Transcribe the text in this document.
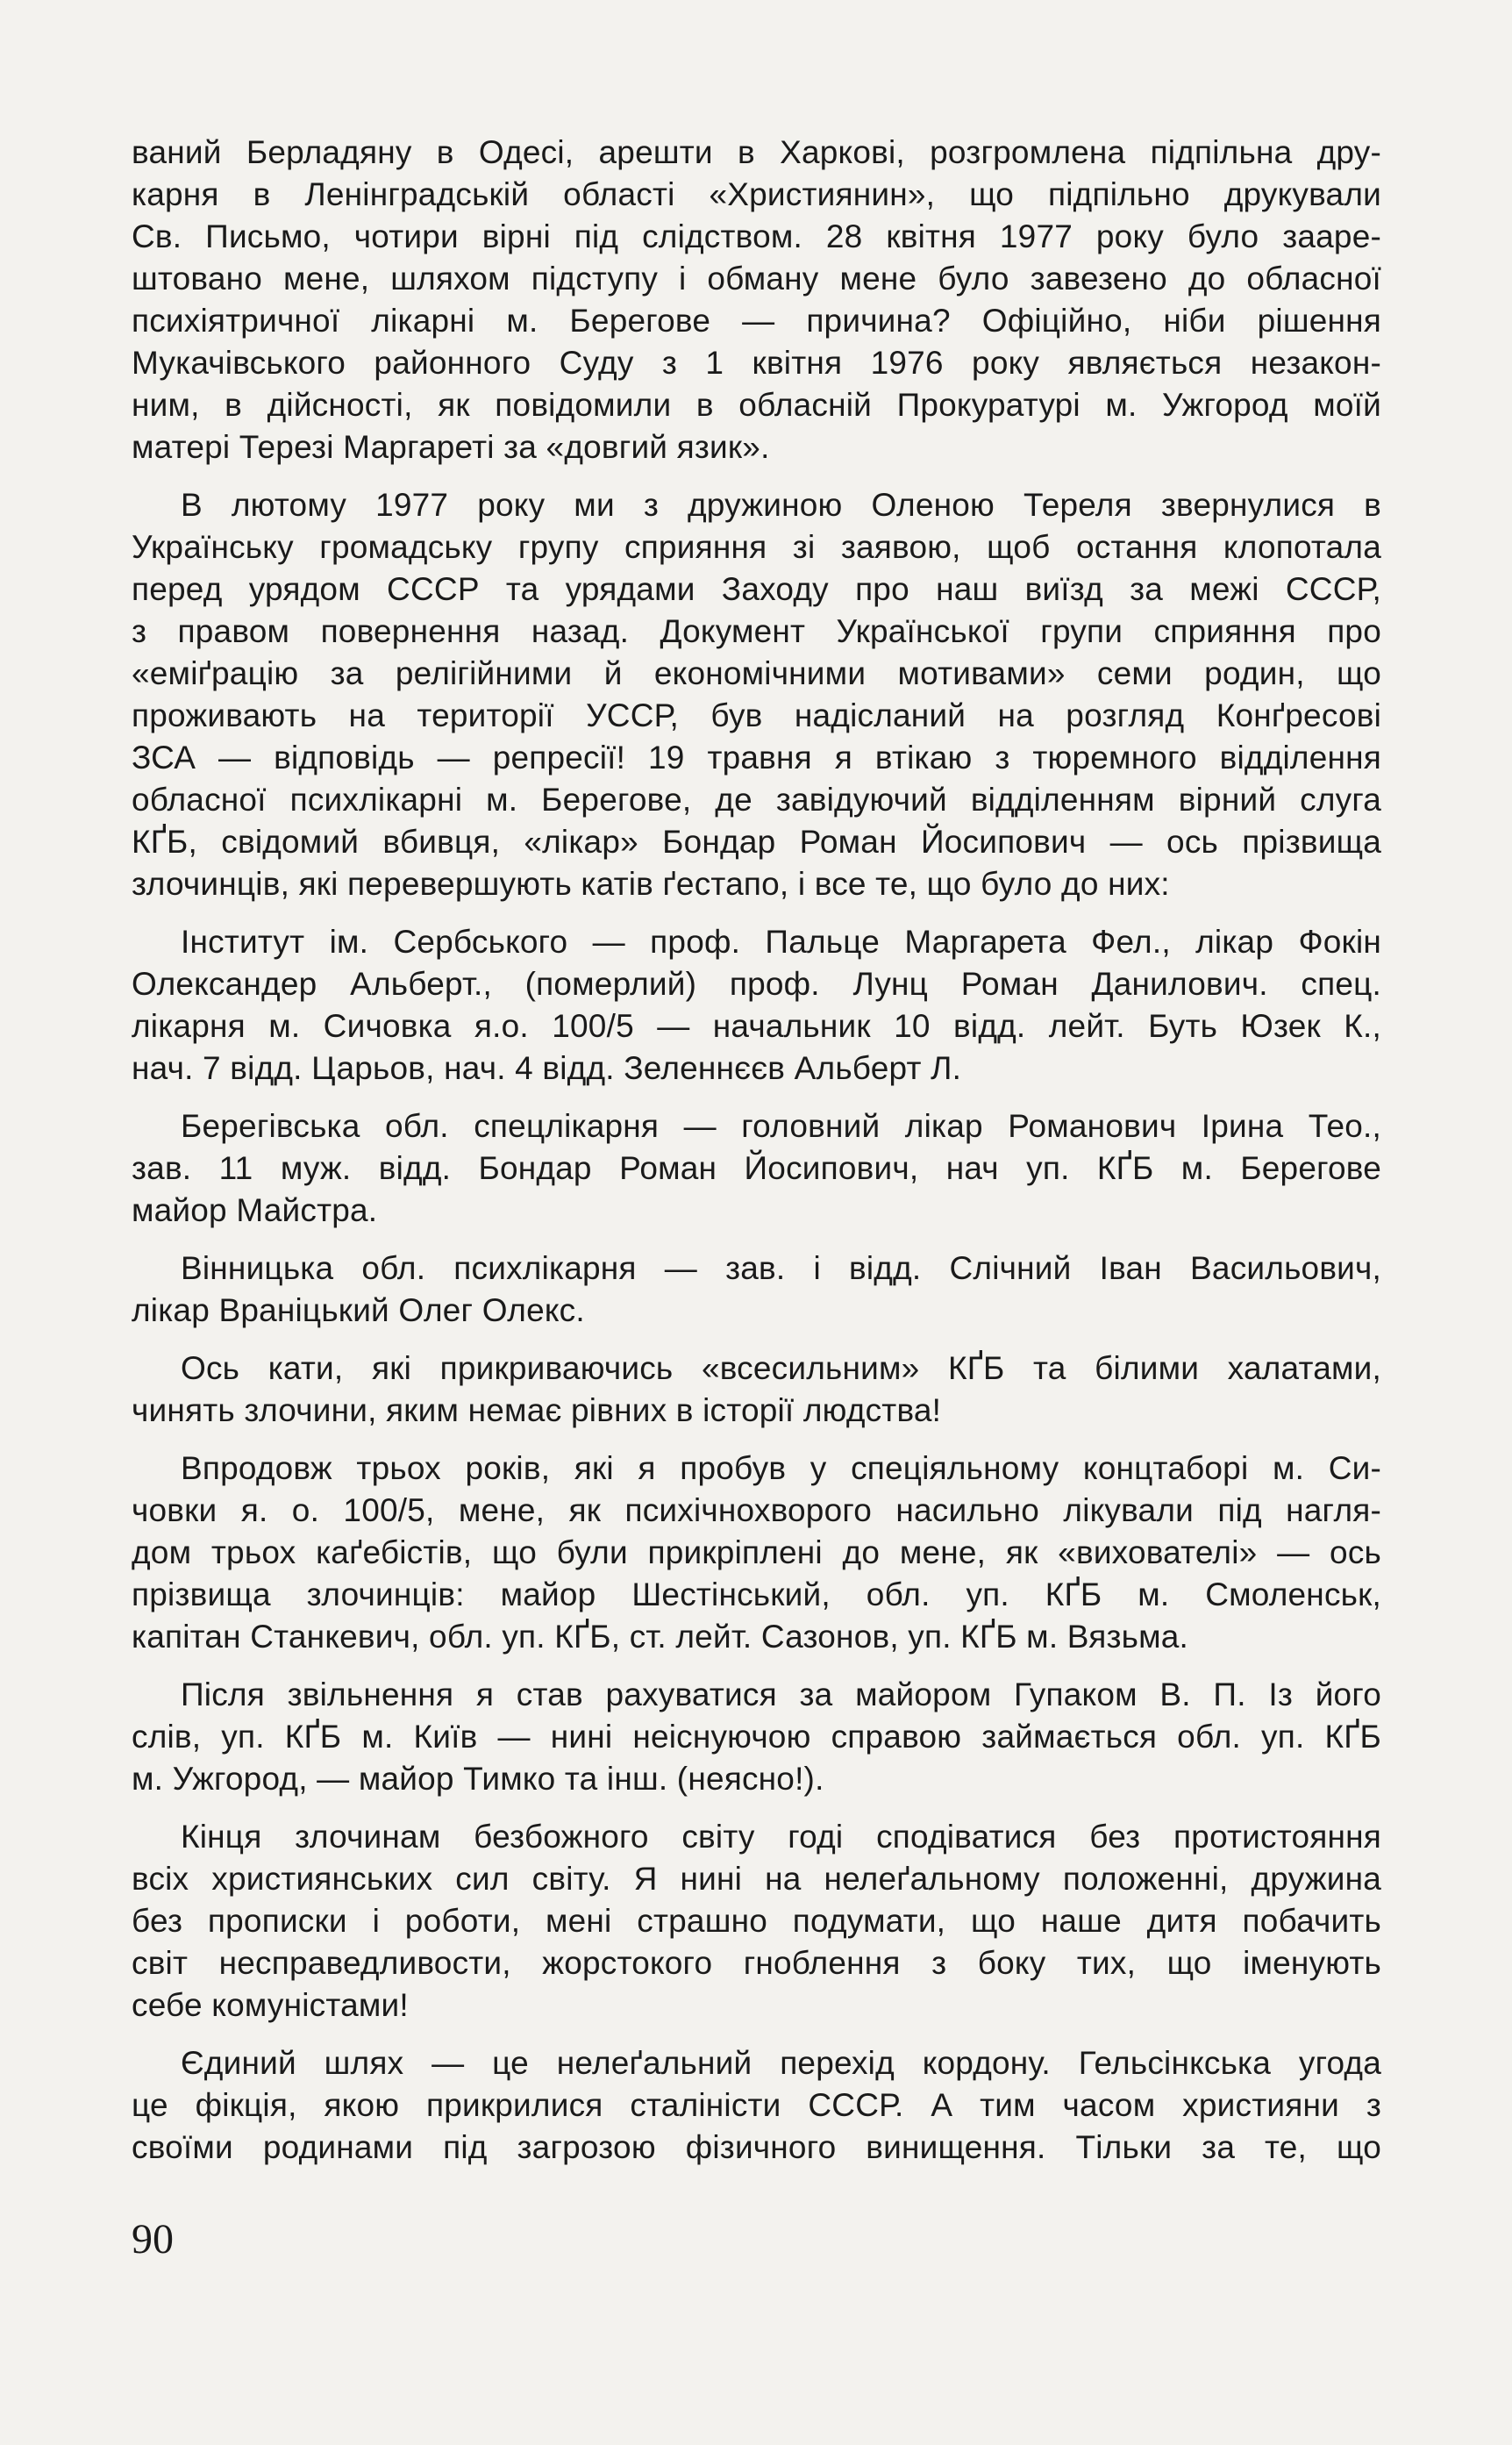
ваний Берладяну в Одесі, арешти в Харкові, розгромлена підпільна дру-
карня в Ленінградській області «Християнин», що підпільно друкували
Св. Письмо, чотири вірні під слідством. 28 квітня 1977 року було зааре-
штовано мене, шляхом підступу і обману мене було завезено до обласної
психіятричної лікарні м. Берегове — причина? Офіційно, ніби рішення
Мукачівського районного Суду з 1 квітня 1976 року являється незакон-
ним, в дійсності, як повідомили в обласній Прокуратурі м. Ужгород моїй
матері Терезі Маргареті за «довгий язик».
В лютому 1977 року ми з дружиною Оленою Тереля звернулися в
Українську громадську групу сприяння зі заявою, щоб остання клопотала
перед урядом СССР та урядами Заходу про наш виїзд за межі СССР,
з правом повернення назад. Документ Української групи сприяння про
«еміґрацію за релігійними й економічними мотивами» семи родин, що
проживають на території УССР, був надісланий на розгляд Конґресові
ЗСА — відповідь — репресії! 19 травня я втікаю з тюремного відділення
обласної психлікарні м. Берегове, де завідуючий відділенням вірний слуга
КҐБ, свідомий вбивця, «лікар» Бондар Роман Йосипович — ось прізвища
злочинців, які перевершують катів ґестапо, і все те, що було до них:
Інститут ім. Сербського — проф. Пальце Маргарета Фел., лікар Фокін
Олександер Альберт., (померлий) проф. Лунц Роман Данилович. спец.
лікарня м. Сичовка я.о. 100/5 — начальник 10 відд. лейт. Буть Юзек К.,
нач. 7 відд. Царьов, нач. 4 відд. Зеленнєєв Альберт Л.
Берегівська обл. спецлікарня — головний лікар Романович Ірина Тео.,
зав. 11 муж. відд. Бондар Роман Йосипович, нач уп. КҐБ м. Берегове
майор Майстра.
Вінницька обл. психлікарня — зав. і відд. Слічний Іван Васильович,
лікар Враніцький Олег Олекс.
Ось кати, які прикриваючись «всесильним» КҐБ та білими халатами,
чинять злочини, яким немає рівних в історії людства!
Впродовж трьох років, які я пробув у спеціяльному концтаборі м. Си-
човки я. о. 100/5, мене, як психічнохворого насильно лікували під нагля-
дом трьох каґебістів, що були прикріплені до мене, як «вихователі» — ось
прізвища злочинців: майор Шестінський, обл. уп. КҐБ м. Смоленськ,
капітан Станкевич, обл. уп. КҐБ, ст. лейт. Сазонов, уп. КҐБ м. Вязьма.
Після звільнення я став рахуватися за майором Гупаком В. П. Із його
слів, уп. КҐБ м. Київ — нині неіснуючою справою займається обл. уп. КҐБ
м. Ужгород, — майор Тимко та інш. (неясно!).
Кінця злочинам безбожного світу годі сподіватися без протистояння
всіх християнських сил світу. Я нині на нелеґальному положенні, дружина
без прописки і роботи, мені страшно подумати, що наше дитя побачить
світ несправедливости, жорстокого гноблення з боку тих, що іменують
себе комуністами!
Єдиний шлях — це нелеґальний перехід кордону. Гельсінкська угода
це фікція, якою прикрилися сталіністи СССР. А тим часом християни з
своїми родинами під загрозою фізичного винищення. Тільки за те, що
90
